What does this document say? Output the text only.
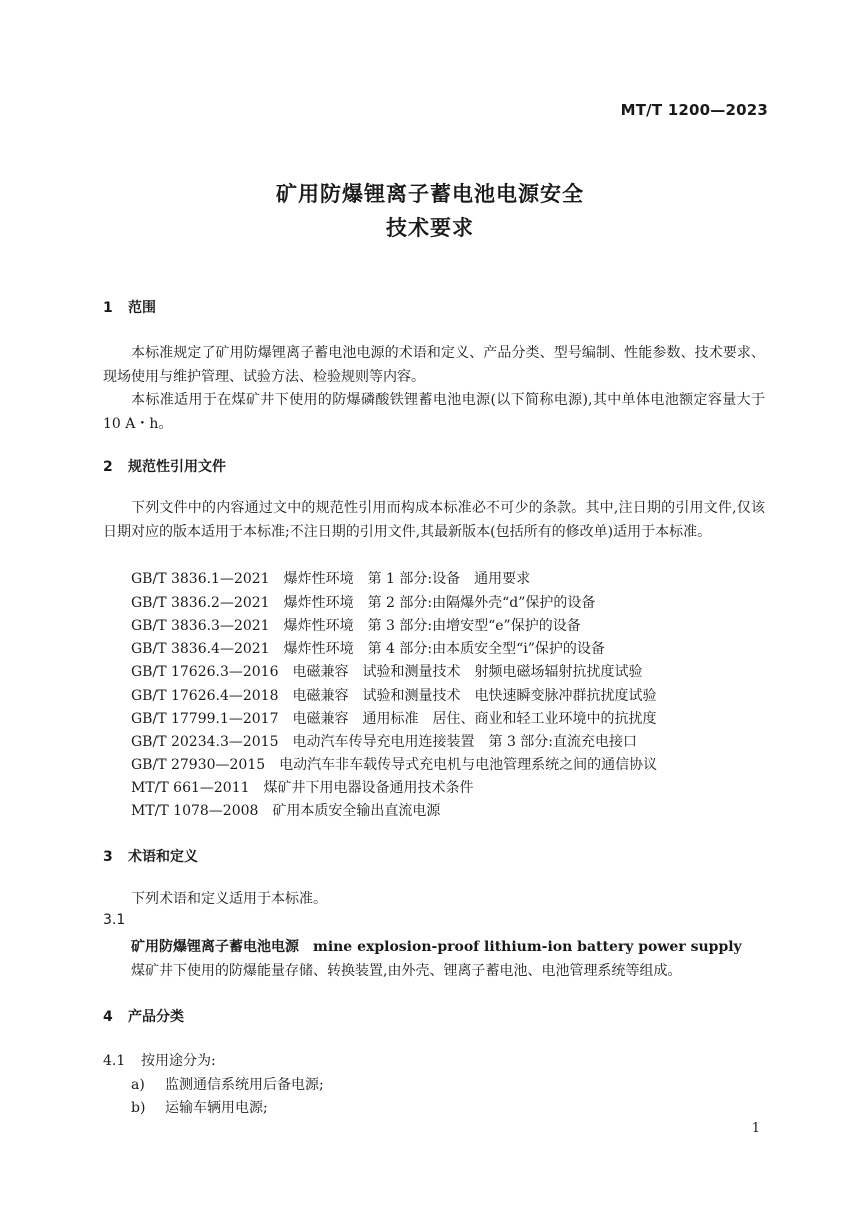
MT/T 1200—2023
矿用防爆锂离子蓄电池电源安全
技术要求
1 范围

本标准规定了矿用防爆锂离子蓄电池电源的术语和定义、产品分类、型号编制、性能参数、技术要求、现场使用与维护管理、试验方法、检验规则等内容。

本标准适用于在煤矿井下使用的防爆磷酸铁锂蓄电池电源(以下简称电源),其中单体电池额定容量大于 10 A・h。

2 规范性引用文件

下列文件中的内容通过文中的规范性引用而构成本标准必不可少的条款。其中,注日期的引用文件,仅该日期对应的版本适用于本标准;不注日期的引用文件,其最新版本(包括所有的修改单)适用于本标准。

GB/T 3836.1—2021 爆炸性环境　第 1 部分:设备　通用要求
GB/T 3836.2—2021 爆炸性环境　第 2 部分:由隔爆外壳“d”保护的设备
GB/T 3836.3—2021 爆炸性环境　第 3 部分:由增安型“e”保护的设备
GB/T 3836.4—2021 爆炸性环境　第 4 部分:由本质安全型“i”保护的设备
GB/T 17626.3—2016 电磁兼容　试验和测量技术　射频电磁场辐射抗扰度试验
GB/T 17626.4—2018 电磁兼容　试验和测量技术　电快速瞬变脉冲群抗扰度试验
GB/T 17799.1—2017 电磁兼容　通用标准　居住、商业和轻工业环境中的抗扰度
GB/T 20234.3—2015 电动汽车传导充电用连接装置　第 3 部分:直流充电接口
GB/T 27930—2015 电动汽车非车载传导式充电机与电池管理系统之间的通信协议
MT/T 661—2011 煤矿井下用电器设备通用技术条件
MT/T 1078—2008 矿用本质安全输出直流电源
3 术语和定义
下列术语和定义适用于本标准。
3.1
矿用防爆锂离子蓄电池电源 mine explosion-proof lithium-ion battery power supply
煤矿井下使用的防爆能量存储、转换装置,由外壳、锂离子蓄电池、电池管理系统等组成。
4 产品分类
4.1 按用途分为:
a) 监测通信系统用后备电源;
b) 运输车辆用电源;
1
